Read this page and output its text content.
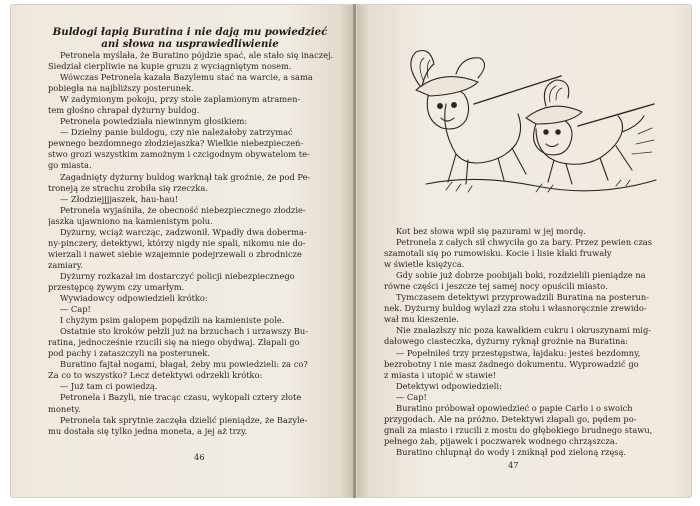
Buldogi łapią Buratina i nie dają mu powiedzieć
ani słowa na usprawiedliwienie
Petronela myślała, że Buratino pójdzie spać, ale stało się inaczej.
Siedział cierpliwie na kupie gruzu z wyciągniętym nosem.
Wówczas Petronela kazała Bazylemu stać na warcie, a sama
pobiegła na najbliższy posterunek.
W zadymionym pokoju, przy stole zaplamionym atramen-
tem głośno chrapał dyżurny buldog.
Petronela powiedziała niewinnym głosikiem:
— Dzielny panie buldogu, czy nie należałoby zatrzymać
pewnego bezdomnego złodziejaszka? Wielkie niebezpieczeń-
stwo grozi wszystkim zamożnym i czcigodnym obywatelom te-
go miasta.
Zagadnięty dyżurny buldog warknął tak groźnie, że pod Pe-
troneją ze strachu zrobiła się rzeczka.
— Złodziejjjjaszek, hau-hau!
Petronela wyjaśniła, że obecność niebezpiecznego złodzie-
jaszka ujawniono na kamienistym polu.
Dyżurny, wciąż warcząc, zadzwonił. Wpadły dwa doberma-
ny-pinczery, detektywi, którzy nigdy nie spali, nikomu nie do-
wierzali i nawet siebie wzajemnie podejrzewali o zbrodnicze
zamiary.
Dyżurny rozkazał im dostarczyć policji niebezpiecznego
przestępcę żywym czy umarłym.
Wywiadowcy odpowiedzieli krótko:
— Cap!
I chyżym psim galopem popędzili na kamieniste pole.
Ostatnie sto kroków pełzli już na brzuchach i urzawszy Bu-
ratina, jednocześnie rzucili się na niego obydwaj. Złapali go
pod pachy i zataszczyli na posterunek.
Buratino fajtał nogami, błagał, żeby mu powiedzieli: za co?
Za co to wszystko? Lecz detektywi odrzekli krótko:
— Już tam ci powiedzą.
Petronela i Bazyli, nie tracąc czasu, wykopali cztery złote
monety.
Petronela tak sprytnie zaczęła dzielić pieniądze, że Bazyle-
mu dostała się tylko jedna moneta, a jej aż trzy.
46
Kot bez słowa wpił się pazurami w jej mordę.
Petronela z całych sił chwyciła go za bary. Przez pewien czas
szamotali się po rumowisku. Kocie i lisie kłaki fruwały
w świetle księżyca.
Gdy sobie już dobrze poobijali boki, rozdzielili pieniądze na
równe części i jeszcze tej samej nocy opuścili miasto.
Tymczasem detektywi przyprowadzili Buratina na posterun-
nek. Dyżurny buldog wylazł zza stołu i własnoręcznie zrewido-
wał mu kieszenie.
Nie znalazłszy nic poza kawałkiem cukru i okruszynami mig-
dałowego ciasteczka, dyżurny ryknął groźnie na Buratina:
— Popełniłeś trzy przestępstwa, łajdaku: jesteś bezdomny,
bezrobotny i nie masz żadnego dokumentu. Wyprowadzić go
z miasta i utopić w stawie!
Detektywi odpowiedzieli:
— Cap!
Buratino próbował opowiedzieć o papie Carlo i o swoich
przygodach. Ale na próżno. Detektywi złapali go, pędem po-
gnali za miasto i rzucili z mostu do głębokiego brudnego stawu,
pełnego żab, pijawek i poczwarek wodnego chrząszcza.
Buratino chlupnął do wody i zniknął pod zieloną rzęsą.
47
